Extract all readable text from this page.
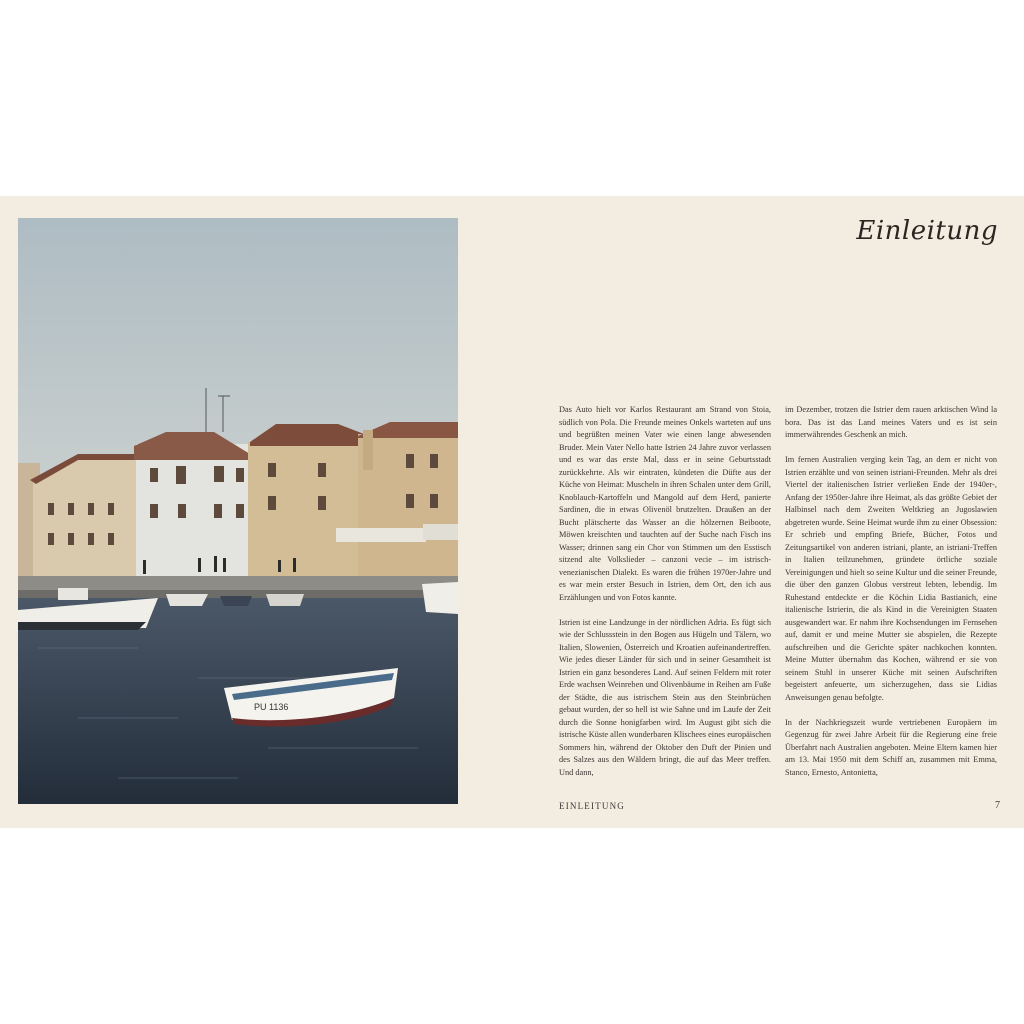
PU 1136
Einleitung

Das Auto hielt vor Karlos Restaurant am Strand von Stoia, südlich von Pola. Die Freunde meines Onkels warteten auf uns und begrüßten meinen Vater wie einen lange abwesenden Bruder. Mein Vater Nello hatte Istrien 24 Jahre zuvor verlassen und es war das erste Mal, dass er in seine Geburtsstadt zurückkehrte. Als wir eintraten, kündeten die Düfte aus der Küche von Heimat: Muscheln in ihren Schalen unter dem Grill, Knoblauch-Kartoffeln und Mangold auf dem Herd, panierte Sardinen, die in etwas Olivenöl brutzelten. Draußen an der Bucht plätscherte das Wasser an die hölzernen Beiboote, Möwen kreischten und tauchten auf der Suche nach Fisch ins Wasser; drinnen sang ein Chor von Stimmen um den Esstisch sitzend alte Volkslieder – canzoni vecie – im istrisch-venezianischen Dialekt. Es waren die frühen 1970er-Jahre und es war mein erster Besuch in Istrien, dem Ort, den ich aus Erzählungen und von Fotos kannte.

Istrien ist eine Landzunge in der nördlichen Adria. Es fügt sich wie der Schlussstein in den Bogen aus Hügeln und Tälern, wo Italien, Slowenien, Österreich und Kroatien aufeinandertreffen. Wie jedes dieser Länder für sich und in seiner Gesamtheit ist Istrien ein ganz besonderes Land. Auf seinen Feldern mit roter Erde wachsen Weinreben und Olivenbäume in Reihen am Fuße der Städte, die aus istrischem Stein aus den Steinbrüchen gebaut wurden, der so hell ist wie Sahne und im Laufe der Zeit durch die Sonne honigfarben wird. Im August gibt sich die istrische Küste allen wunderbaren Klischees eines europäischen Sommers hin, während der Oktober den Duft der Pinien und des Salzes aus den Wäldern bringt, die auf das Meer treffen. Und dann,

im Dezember, trotzen die Istrier dem rauen arktischen Wind la bora. Das ist das Land meines Vaters und es ist sein immerwährendes Geschenk an mich.

Im fernen Australien verging kein Tag, an dem er nicht von Istrien erzählte und von seinen istriani-Freunden. Mehr als drei Viertel der italienischen Istrier verließen Ende der 1940er-, Anfang der 1950er-Jahre ihre Heimat, als das größte Gebiet der Halbinsel nach dem Zweiten Weltkrieg an Jugoslawien abgetreten wurde. Seine Heimat wurde ihm zu einer Obsession: Er schrieb und empfing Briefe, Bücher, Fotos und Zeitungsartikel von anderen istriani, plante, an istriani-Treffen in Italien teilzunehmen, gründete örtliche soziale Vereinigungen und hielt so seine Kultur und die seiner Freunde, die über den ganzen Globus verstreut lebten, lebendig. Im Ruhestand entdeckte er die Köchin Lidia Bastianich, eine italienische Istrierin, die als Kind in die Vereinigten Staaten ausgewandert war. Er nahm ihre Kochsendungen im Fernsehen auf, damit er und meine Mutter sie abspielen, die Rezepte aufschreiben und die Gerichte später nachkochen konnten. Meine Mutter übernahm das Kochen, während er sie von seinem Stuhl in unserer Küche mit seinen Aufschriften begeistert anfeuerte, um sicherzugehen, dass sie Lidias Anweisungen genau befolgte.

In der Nachkriegszeit wurde vertriebenen Europäern im Gegenzug für zwei Jahre Arbeit für die Regierung eine freie Überfahrt nach Australien angeboten. Meine Eltern kamen hier am 13. Mai 1950 mit dem Schiff an, zusammen mit Emma, Stanco, Ernesto, Antonietta,

EINLEITUNG	7
